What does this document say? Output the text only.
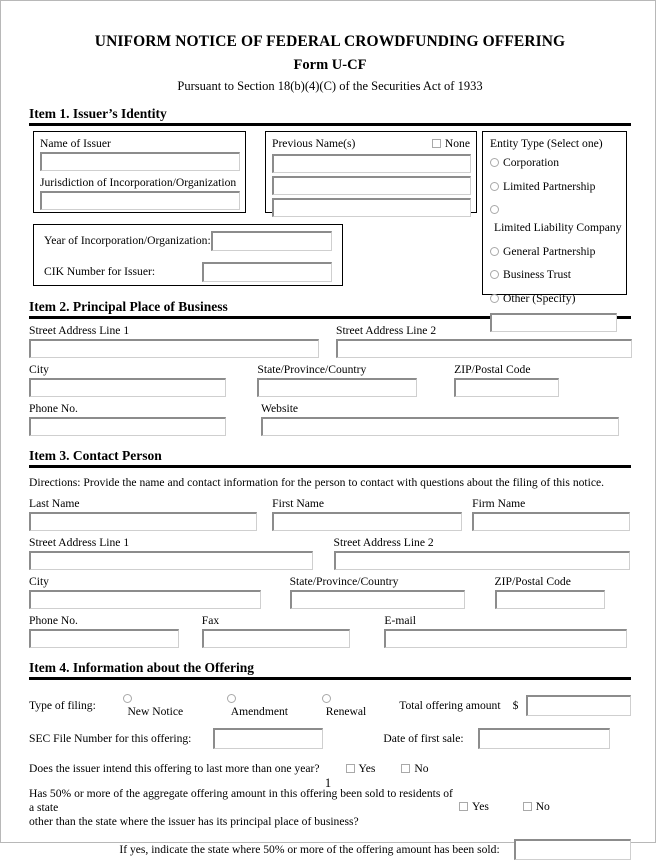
UNIFORM NOTICE OF FEDERAL CROWDFUNDING OFFERING
Form U-CF
Pursuant to Section 18(b)(4)(C) of the Securities Act of 1933
Item 1. Issuer’s Identity
Name of Issuer
Jurisdiction of Incorporation/Organization
Previous Name(s)	None Entity Type (Select one)
Corporation
Limited Partnership
Limited Liability Company
General Partnership
Business Trust
Other (Specify)
Year of Incorporation/Organization:
CIK Number for Issuer:
Item 2. Principal Place of Business
Street Address Line 1	Street Address Line 2
City	State/Province/Country	ZIP/Postal Code
Phone No.	Website
Item 3. Contact Person
Directions: Provide the name and contact information for the person to contact with questions about the filing of this notice.
Last Name	First Name	Firm Name
Street Address Line 1	Street Address Line 2
City	State/Province/Country	ZIP/Postal Code
Phone No.	Fax	E-mail
Item 4. Information about the Offering
Type of filing:	New Notice	Amendment	Renewal	Total offering amount $
SEC File Number for this offering:	Date of first sale:
Does the issuer intend this offering to last more than one year?	Yes	No
Has 50% or more of the aggregate offering amount in this offering been sold to residents of a state
other than the state where the issuer has its principal place of business?
Yes	No
If yes, indicate the state where 50% or more of the offering amount has been sold:
1
